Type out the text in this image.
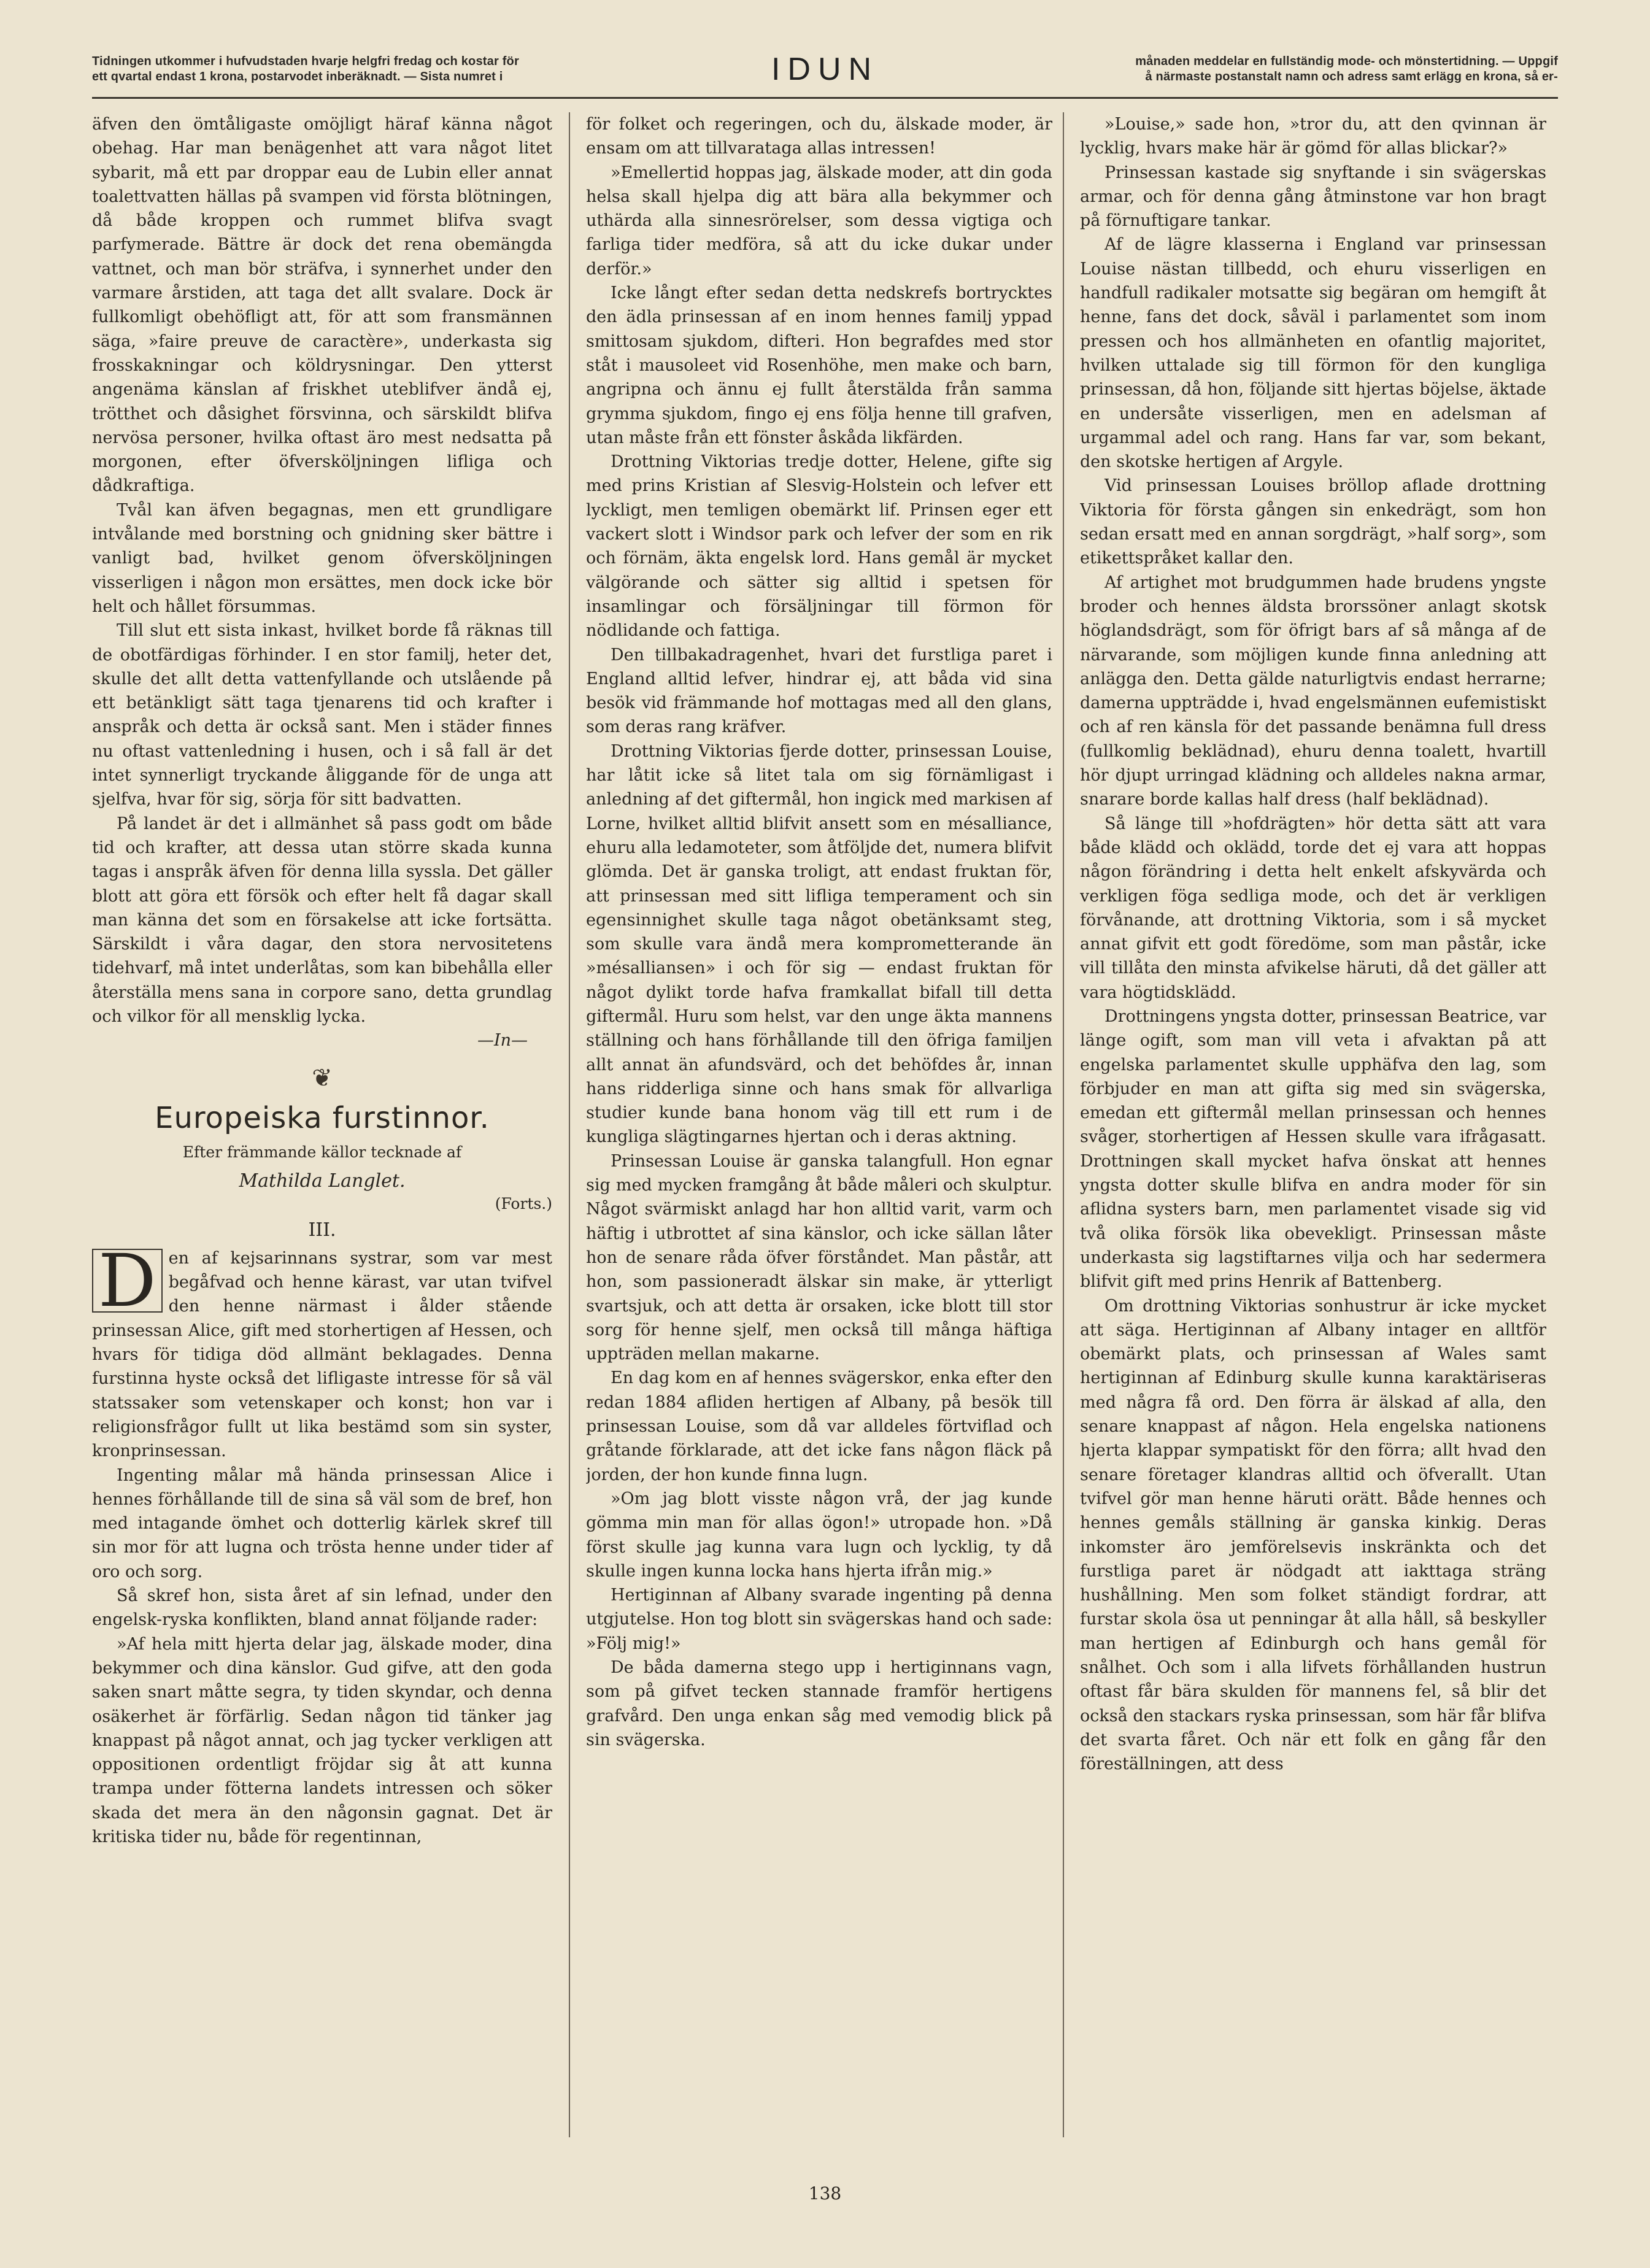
Tidningen utkommer i hufvudstaden hvarje helgfri fredag och kostar för
ett qvartal endast 1 krona, postarvodet inberäknadt. — Sista numret i	IDUN	månaden meddelar en fullständig mode- och mönstertidning. — Uppgif
å närmaste postanstalt namn och adress samt erlägg en krona, så er-

äfven den ömtåligaste omöjligt häraf känna något obehag. Har man benägenhet att vara något litet sybarit, må ett par droppar eau de Lubin eller annat toalettvatten hällas på svampen vid första blötningen, då både kroppen och rummet blifva svagt parfymerade. Bättre är dock det rena obemängda vattnet, och man bör sträfva, i synnerhet under den varmare årstiden, att taga det allt svalare. Dock är fullkomligt obehöfligt att, för att som fransmännen säga, »faire preuve de caractère», underkasta sig frosskakningar och köldrysningar. Den ytterst angenäma känslan af friskhet uteblifver ändå ej, trötthet och dåsighet försvinna, och särskildt blifva nervösa personer, hvilka oftast äro mest nedsatta på morgonen, efter öfversköljningen lifliga och dådkraftiga.

Tvål kan äfven begagnas, men ett grundligare intvålande med borstning och gnidning sker bättre i vanligt bad, hvilket genom öfversköljningen visserligen i någon mon ersättes, men dock icke bör helt och hållet försummas.

Till slut ett sista inkast, hvilket borde få räknas till de obotfärdigas förhinder. I en stor familj, heter det, skulle det allt detta vattenfyllande och utslående på ett betänkligt sätt taga tjenarens tid och krafter i anspråk och detta är också sant. Men i städer finnes nu oftast vattenledning i husen, och i så fall är det intet synnerligt tryckande åliggande för de unga att sjelfva, hvar för sig, sörja för sitt badvatten.

På landet är det i allmänhet så pass godt om både tid och krafter, att dessa utan större skada kunna tagas i anspråk äfven för denna lilla syssla. Det gäller blott att göra ett försök och efter helt få dagar skall man känna det som en försakelse att icke fortsätta. Särskildt i våra dagar, den stora nervositetens tidehvarf, må intet underlåtas, som kan bibehålla eller återställa mens sana in corpore sano, detta grundlag och vilkor för all mensklig lycka.

—In—
❦
Europeiska furstinnor.
Efter främmande källor tecknade af
Mathilda Langlet.
(Forts.)
III.
D en af kejsarinnans systrar, som var mest begåfvad och henne kärast, var utan tvifvel den henne närmast i ålder stående prinsessan Alice, gift med storhertigen af Hessen, och hvars för tidiga död allmänt beklagades. Denna furstinna hyste också det lifligaste intresse för så väl statssaker som vetenskaper och konst; hon var i religionsfrågor fullt ut lika bestämd som sin syster, kronprinsessan.

Ingenting målar må hända prinsessan Alice i hennes förhållande till de sina så väl som de bref, hon med intagande ömhet och dotterlig kärlek skref till sin mor för att lugna och trösta henne under tider af oro och sorg.

Så skref hon, sista året af sin lefnad, under den engelsk-ryska konflikten, bland annat följande rader:

»Af hela mitt hjerta delar jag, älskade moder, dina bekymmer och dina känslor. Gud gifve, att den goda saken snart måtte segra, ty tiden skyndar, och denna osäkerhet är förfärlig. Sedan någon tid tänker jag knappast på något annat, och jag tycker verkligen att oppositionen ordentligt fröjdar sig åt att kunna trampa under fötterna landets intressen och söker skada det mera än den någonsin gagnat. Det är kritiska tider nu, både för regentinnan,

för folket och regeringen, och du, älskade moder, är ensam om att tillvaratagа allas intressen!

»Emellertid hoppas jag, älskade moder, att din goda helsa skall hjelpa dig att bära alla bekymmer och uthärda alla sinnesrörelser, som dessa vigtiga och farliga tider medföra, så att du icke dukar under derför.»

Icke långt efter sedan detta nedskrefs bortrycktes den ädla prinsessan af en inom hennes familj yppad smittosam sjukdom, difteri. Hon begrafdes med stor ståt i mausoleet vid Rosenhöhe, men make och barn, angripna och ännu ej fullt återstälda från samma grymma sjukdom, fingo ej ens följa henne till grafven, utan måste från ett fönster åskåda likfärden.

Drottning Viktorias tredje dotter, Helene, gifte sig med prins Kristian af Slesvig-Holstein och lefver ett lyckligt, men temligen obemärkt lif. Prinsen eger ett vackert slott i Windsor park och lefver der som en rik och förnäm, äkta engelsk lord. Hans gemål är mycket välgörande och sätter sig alltid i spetsen för insamlingar och försäljningar till förmon för nödlidande och fattiga.

Den tillbakadragenhet, hvari det furstliga paret i England alltid lefver, hindrar ej, att båda vid sina besök vid främmande hof mottagas med all den glans, som deras rang kräfver.

Drottning Viktorias fjerde dotter, prinsessan Louise, har låtit icke så litet tala om sig förnämligast i anledning af det giftermål, hon ingick med markisen af Lorne, hvilket alltid blifvit ansett som en mésalliance, ehuru alla ledamoteter, som åtföljde det, numera blifvit glömda. Det är ganska troligt, att endast fruktan för, att prinsessan med sitt lifliga temperament och sin egensinnighet skulle taga något obetänksamt steg, som skulle vara ändå mera komprometterande än »mésalliansen» i och för sig — endast fruktan för något dylikt torde hafva framkallat bifall till detta giftermål. Huru som helst, var den unge äkta mannens ställning och hans förhållande till den öfriga familjen allt annat än afundsvärd, och det behöfdes år, innan hans ridderliga sinne och hans smak för allvarliga studier kunde bana honom väg till ett rum i de kungliga slägtingarnes hjertan och i deras aktning.

Prinsessan Louise är ganska talangfull. Hon egnar sig med mycken framgång åt både måleri och skulptur. Något svärmiskt anlagd har hon alltid varit, varm och häftig i utbrottet af sina känslor, och icke sällan låter hon de senare råda öfver förståndet. Man påstår, att hon, som passioneradt älskar sin make, är ytterligt svartsjuk, och att detta är orsaken, icke blott till stor sorg för henne sjelf, men också till många häftiga uppträden mellan makarne.

En dag kom en af hennes svägerskor, enka efter den redan 1884 afliden hertigen af Albany, på besök till prinsessan Louise, som då var alldeles förtviflad och gråtande förklarade, att det icke fans någon fläck på jorden, der hon kunde finna lugn.

»Om jag blott visste någon vrå, der jag kunde gömma min man för allas ögon!» utropade hon. »Då först skulle jag kunna vara lugn och lycklig, ty då skulle ingen kunna locka hans hjerta ifrån mig.»

Hertiginnan af Albany svarade ingenting på denna utgjutelse. Hon tog blott sin svägerskas hand och sade: »Följ mig!»

De båda damerna stego upp i hertiginnans vagn, som på gifvet tecken stannade framför hertigens grafvård. Den unga enkan såg med vemodig blick på sin svägerska.

»Louise,» sade hon, »tror du, att den qvinnan är lycklig, hvars make här är gömd för allas blickar?»

Prinsessan kastade sig snyftande i sin svägerskas armar, och för denna gång åtminstone var hon bragt på förnuftigare tankar.

Af de lägre klasserna i England var prinsessan Louise nästan tillbedd, och ehuru visserligen en handfull radikaler motsatte sig begäran om hemgift åt henne, fans det dock, såväl i parlamentet som inom pressen och hos allmänheten en ofantlig majoritet, hvilken uttalade sig till förmon för den kungliga prinsessan, då hon, följande sitt hjertas böjelse, äktade en undersåte visserligen, men en adelsman af urgammal adel och rang. Hans far var, som bekant, den skotske hertigen af Argyle.

Vid prinsessan Louises bröllop aflade drottning Viktoria för första gången sin enkedrägt, som hon sedan ersatt med en annan sorgdrägt, »half sorg», som etikettspråket kallar den.

Af artighet mot brudgummen hade brudens yngste broder och hennes äldsta brorssöner anlagt skotsk höglandsdrägt, som för öfrigt bars af så många af de närvarande, som möjligen kunde finna anledning att anlägga den. Detta gälde naturligtvis endast herrarne; damerna uppträdde i, hvad engelsmännen eufemistiskt och af ren känsla för det passande benämna full dress (fullkomlig beklädnad), ehuru denna toalett, hvartill hör djupt urringad klädning och alldeles nakna armar, snarare borde kallas half dress (half beklädnad).

Så länge till »hofdrägten» hör detta sätt att vara både klädd och oklädd, torde det ej vara att hoppas någon förändring i detta helt enkelt afskyvärda och verkligen föga sedliga mode, och det är verkligen förvånande, att drottning Viktoria, som i så mycket annat gifvit ett godt föredöme, som man påstår, icke vill tillåta den minsta afvikelse härutі, då det gäller att vara högtidsklädd.

Drottningens yngsta dotter, prinsessan Beatrice, var länge ogift, som man vill veta i afvaktan på att engelska parlamentet skulle upphäfva den lag, som förbjuder en man att gifta sig med sin svägerska, emedan ett giftermål mellan prinsessan och hennes svåger, storhertigen af Hessen skulle vara ifrågasatt. Drottningen skall mycket hafva önskat att hennes yngsta dotter skulle blifva en andra moder för sin aflidna systers barn, men parlamentet visade sig vid två olika försök lika obevekligt. Prinsessan måste underkasta sig lagstiftarnes vilja och har sedermera blifvit gift med prins Henrik af Battenberg.

Om drottning Viktorias sonhustrur är icke mycket att säga. Hertiginnan af Albany intager en alltför obemärkt plats, och prinsessan af Wales samt hertiginnan af Edinburg skulle kunna karaktäriseras med några få ord. Den förra är älskad af alla, den senare knappast af någon. Hela engelska nationens hjerta klappar sympatiskt för den förra; allt hvad den senare företager klandras alltid och öfverallt. Utan tvifvel gör man henne härutі orätt. Både hennes och hennes gemåls ställning är ganska kinkig. Deras inkomster äro jemförelsevis inskränkta och det furstliga paret är nödgadt att iakttaga sträng hushållning. Men som folket ständigt fordrar, att furstar skola ösa ut penningar åt alla håll, så beskyller man hertigen af Edinburgh och hans gemål för snålhet. Och som i alla lifvets förhållanden hustrun oftast får bära skulden för mannens fel, så blir det också den stackars ryska prinsessan, som här får blifva det svarta fåret. Och när ett folk en gång får den föreställningen, att dess

138
